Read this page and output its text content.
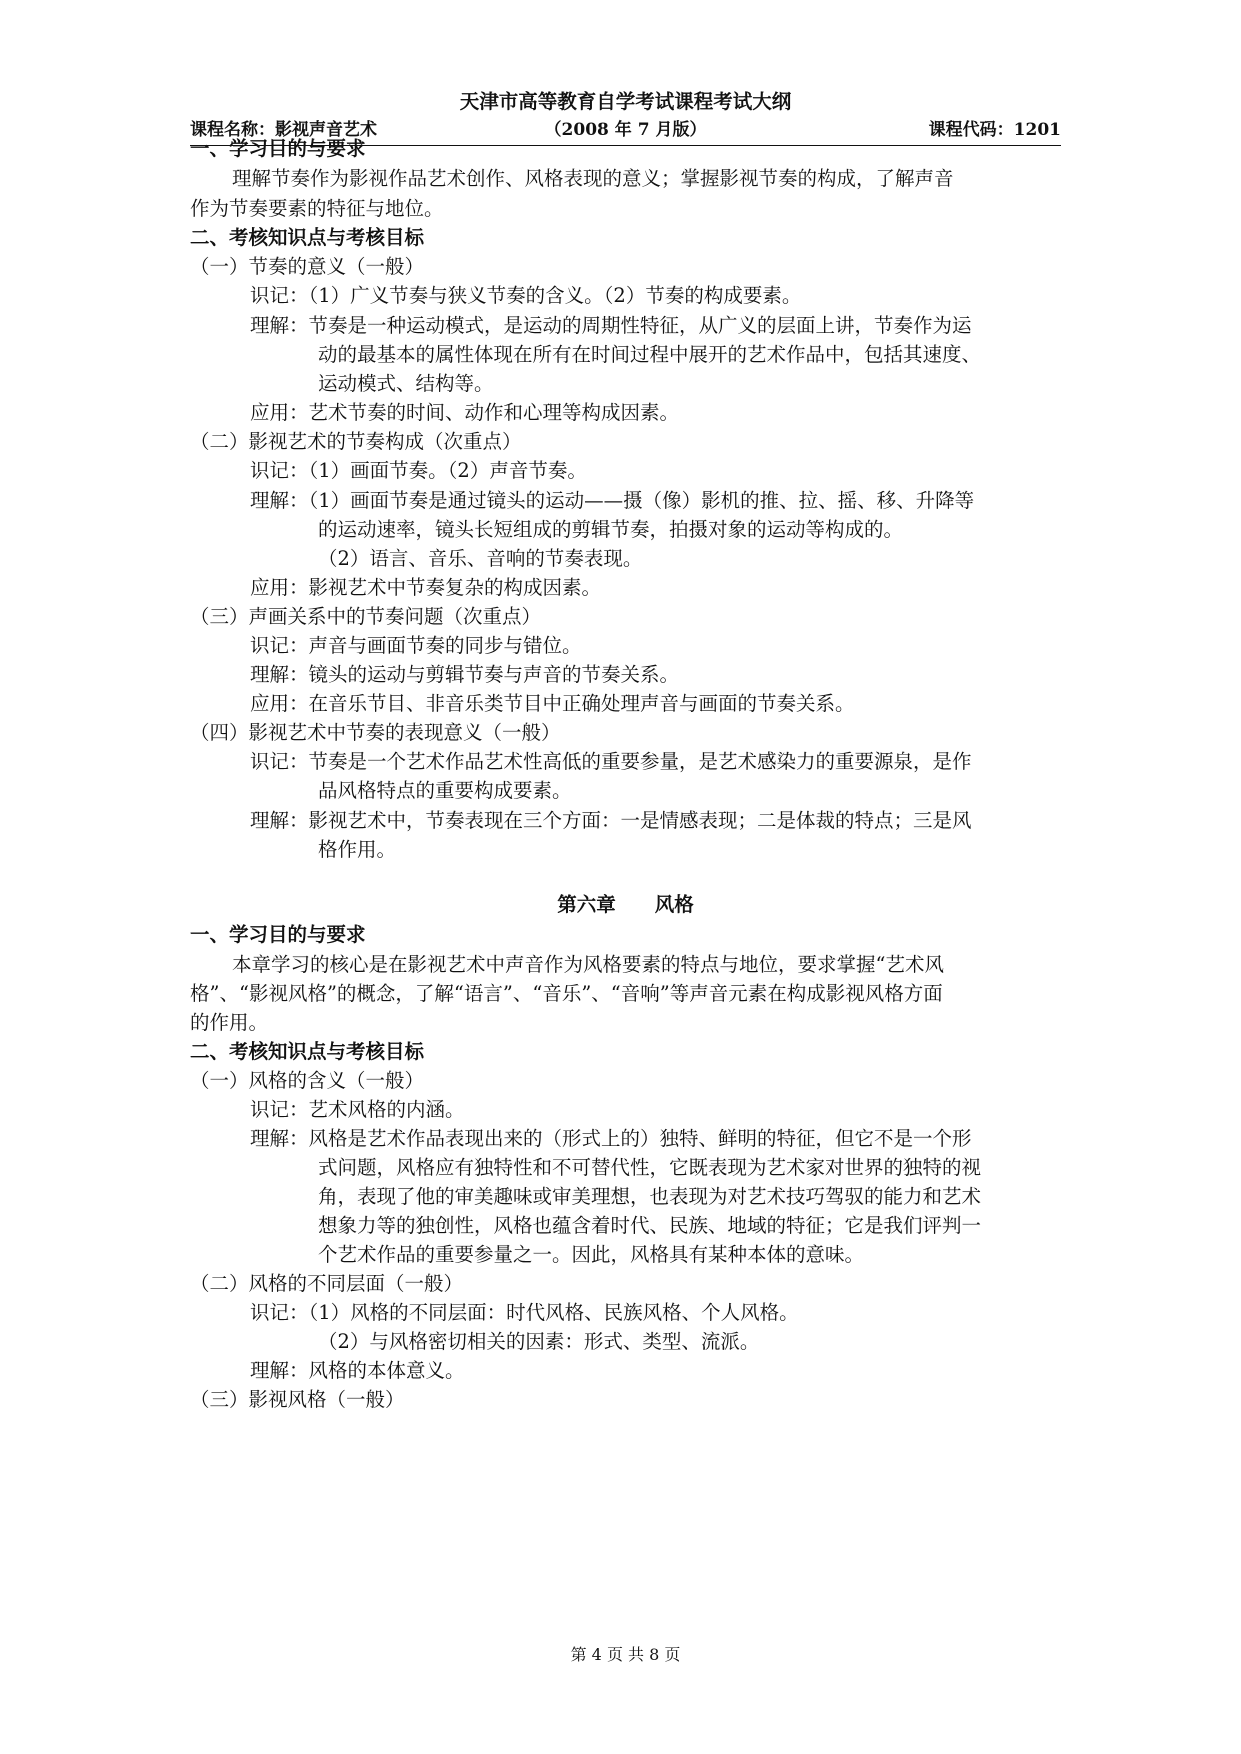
天津市高等教育自学考试课程考试大纲
课程名称：影视声音艺术	（2008 年 7 月版）	课程代码：1201
一、学习目的与要求
理解节奏作为影视作品艺术创作、风格表现的意义；掌握影视节奏的构成，了解声音
作为节奏要素的特征与地位。
二、考核知识点与考核目标
（一）节奏的意义（一般）
识记：（1）广义节奏与狭义节奏的含义。（2）节奏的构成要素。
理解：节奏是一种运动模式，是运动的周期性特征，从广义的层面上讲，节奏作为运
动的最基本的属性体现在所有在时间过程中展开的艺术作品中，包括其速度、
运动模式、结构等。
应用：艺术节奏的时间、动作和心理等构成因素。
（二）影视艺术的节奏构成（次重点）
识记：（1）画面节奏。（2）声音节奏。
理解：（1）画面节奏是通过镜头的运动——摄（像）影机的推、拉、摇、移、升降等
的运动速率，镜头长短组成的剪辑节奏，拍摄对象的运动等构成的。
（2）语言、音乐、音响的节奏表现。
应用：影视艺术中节奏复杂的构成因素。
（三）声画关系中的节奏问题（次重点）
识记：声音与画面节奏的同步与错位。
理解：镜头的运动与剪辑节奏与声音的节奏关系。
应用：在音乐节目、非音乐类节目中正确处理声音与画面的节奏关系。
（四）影视艺术中节奏的表现意义（一般）
识记：节奏是一个艺术作品艺术性高低的重要参量，是艺术感染力的重要源泉，是作
品风格特点的重要构成要素。
理解：影视艺术中，节奏表现在三个方面：一是情感表现；二是体裁的特点；三是风
格作用。
第六章　　风格
一、学习目的与要求
本章学习的核心是在影视艺术中声音作为风格要素的特点与地位，要求掌握“艺术风
格”、“影视风格”的概念，了解“语言”、“音乐”、“音响”等声音元素在构成影视风格方面
的作用。
二、考核知识点与考核目标
（一）风格的含义（一般）
识记：艺术风格的内涵。
理解：风格是艺术作品表现出来的（形式上的）独特、鲜明的特征，但它不是一个形
式问题，风格应有独特性和不可替代性，它既表现为艺术家对世界的独特的视
角，表现了他的审美趣味或审美理想，也表现为对艺术技巧驾驭的能力和艺术
想象力等的独创性，风格也蕴含着时代、民族、地域的特征；它是我们评判一
个艺术作品的重要参量之一。因此，风格具有某种本体的意味。
（二）风格的不同层面（一般）
识记：（1）风格的不同层面：时代风格、民族风格、个人风格。
（2）与风格密切相关的因素：形式、类型、流派。
理解：风格的本体意义。
（三）影视风格（一般）
第 4 页 共 8 页
